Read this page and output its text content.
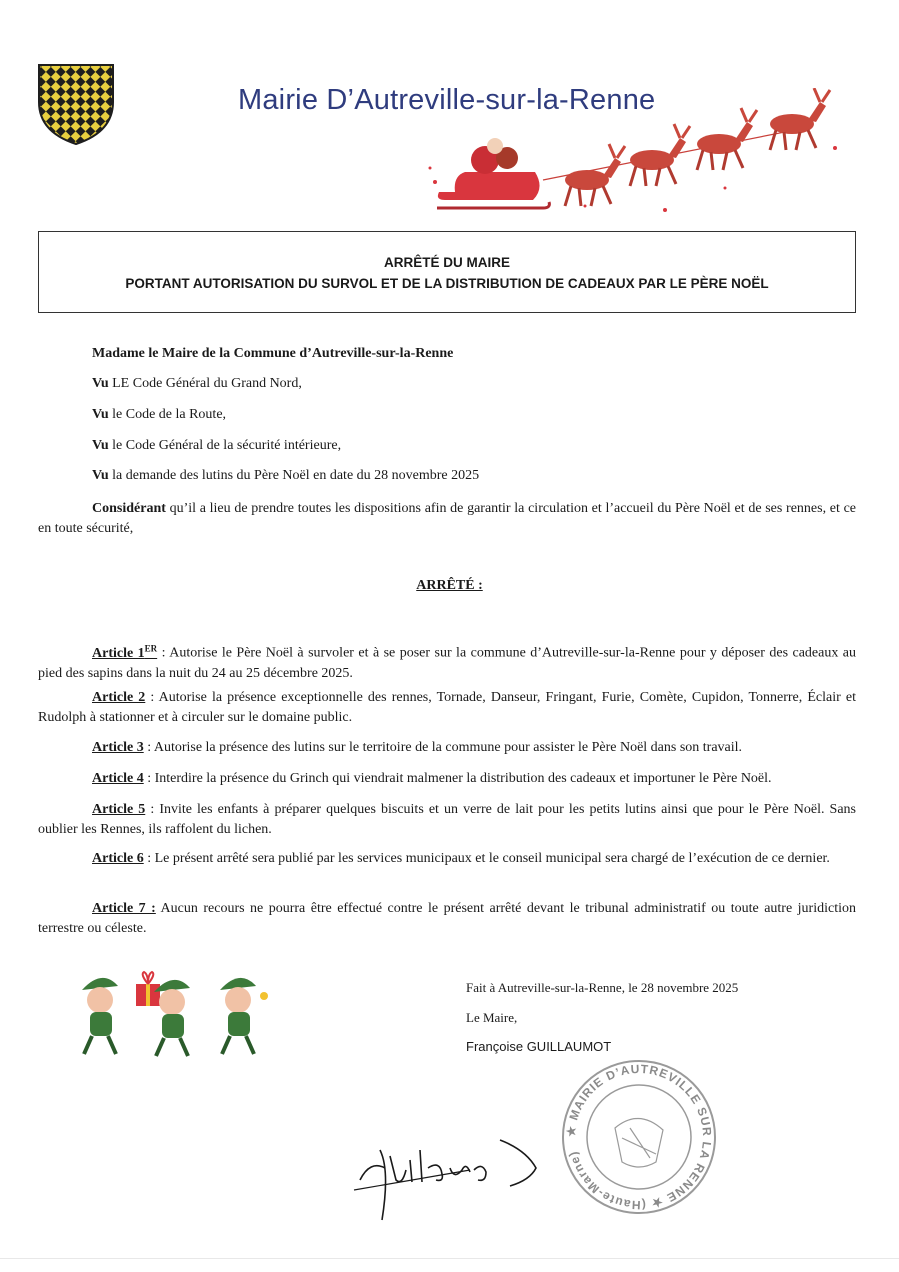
Mairie D’Autreville-sur-la-Renne
ARRÊTÉ DU MAIRE
PORTANT AUTORISATION DU SURVOL ET DE LA DISTRIBUTION DE CADEAUX PAR LE PÈRE NOËL
Madame le Maire de la Commune d’Autreville-sur-la-Renne
Vu LE Code Général du Grand Nord,
Vu le Code de la Route,
Vu le Code Général de la sécurité intérieure,
Vu la demande des lutins du Père Noël en date du 28 novembre 2025
Considérant qu’il a lieu de prendre toutes les dispositions afin de garantir la circulation et l’accueil du Père Noël et de ses rennes, et ce en toute sécurité,
ARRÊTÉ :
Article 1ER : Autorise le Père Noël à survoler et à se poser sur la commune d’Autreville-sur-la-Renne pour y déposer des cadeaux au pied des sapins dans la nuit du 24 au 25 décembre 2025.
Article 2 : Autorise la présence exceptionnelle des rennes, Tornade, Danseur, Fringant, Furie, Comète, Cupidon, Tonnerre, Éclair et Rudolph à stationner et à circuler sur le domaine public.
Article 3 : Autorise la présence des lutins sur le territoire de la commune pour assister le Père Noël dans son travail.
Article 4 : Interdire la présence du Grinch qui viendrait malmener la distribution des cadeaux et importuner le Père Noël.
Article 5 : Invite les enfants à préparer quelques biscuits et un verre de lait pour les petits lutins ainsi que pour le Père Noël. Sans oublier les Rennes, ils raffolent du lichen.
Article 6 : Le présent arrêté sera publié par les services municipaux et le conseil municipal sera chargé de l’exécution de ce dernier.
Article 7 : Aucun recours ne pourra être effectué contre le présent arrêté devant le tribunal administratif ou toute autre juridiction terrestre ou céleste.
Fait à Autreville-sur-la-Renne, le 28 novembre 2025
Le Maire,
Françoise GUILLAUMOT
★ MAIRIE D’AUTREVILLE SUR LA RENNE ★ (Haute-Marne)
